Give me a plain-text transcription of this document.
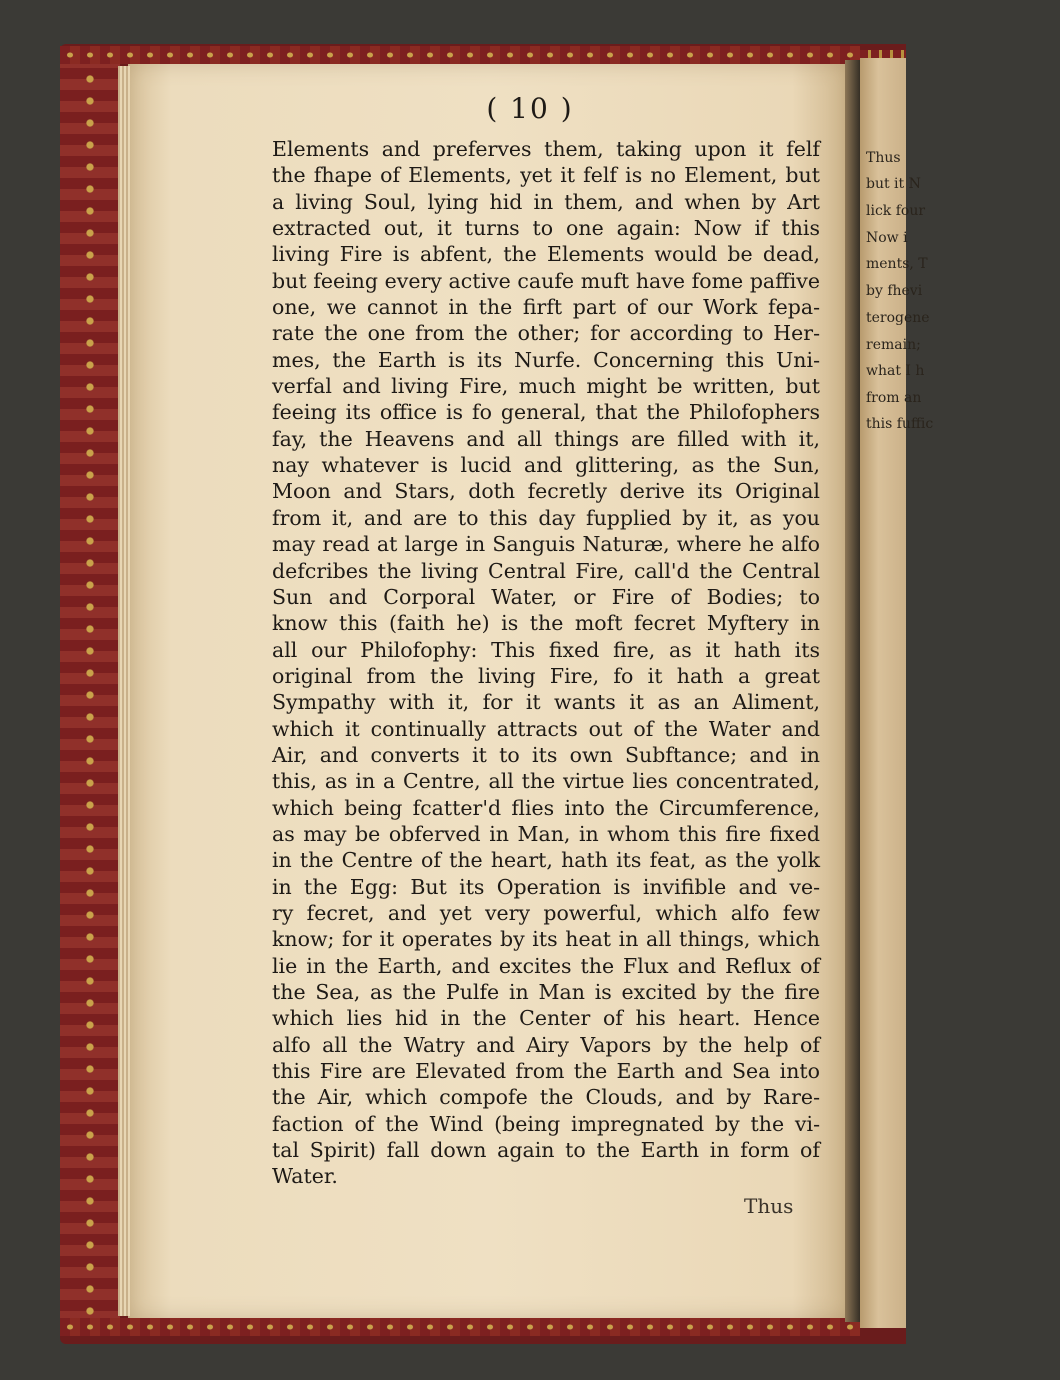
Thus
but it N
lick four
Now i
ments, T
by fhevi
terogene
remain;
what I h
from an
this fuffic
( 10 )
Elements and preferves them, taking upon it felf
the fhape of Elements, yet it felf is no Element, but
a living Soul, lying hid in them, and when by Art
extracted out, it turns to one again: Now if this
living Fire is abfent, the Elements would be dead,
but feeing every active caufe muft have fome paffive
one, we cannot in the firft part of our Work fepa-
rate the one from the other; for according to Her-
mes, the Earth is its Nurfe. Concerning this Uni-
verfal and living Fire, much might be written, but
feeing its office is fo general, that the Philofophers
fay, the Heavens and all things are filled with it,
nay whatever is lucid and glittering, as the Sun,
Moon and Stars, doth fecretly derive its Original
from it, and are to this day fupplied by it, as you
may read at large in Sanguis Naturæ, where he alfo
defcribes the living Central Fire, call'd the Central
Sun and Corporal Water, or Fire of Bodies; to
know this (faith he) is the moft fecret Myftery in
all our Philofophy: This fixed fire, as it hath its
original from the living Fire, fo it hath a great
Sympathy with it, for it wants it as an Aliment,
which it continually attracts out of the Water and
Air, and converts it to its own Subftance; and in
this, as in a Centre, all the virtue lies concentrated,
which being fcatter'd flies into the Circumference,
as may be obferved in Man, in whom this fire fixed
in the Centre of the heart, hath its feat, as the yolk
in the Egg: But its Operation is invifible and ve-
ry fecret, and yet very powerful, which alfo few
know; for it operates by its heat in all things, which
lie in the Earth, and excites the Flux and Reflux of
the Sea, as the Pulfe in Man is excited by the fire
which lies hid in the Center of his heart. Hence
alfo all the Watry and Airy Vapors by the help of
this Fire are Elevated from the Earth and Sea into
the Air, which compofe the Clouds, and by Rare-
faction of the Wind (being impregnated by the vi-
tal Spirit) fall down again to the Earth in form of
Water.
Thus
